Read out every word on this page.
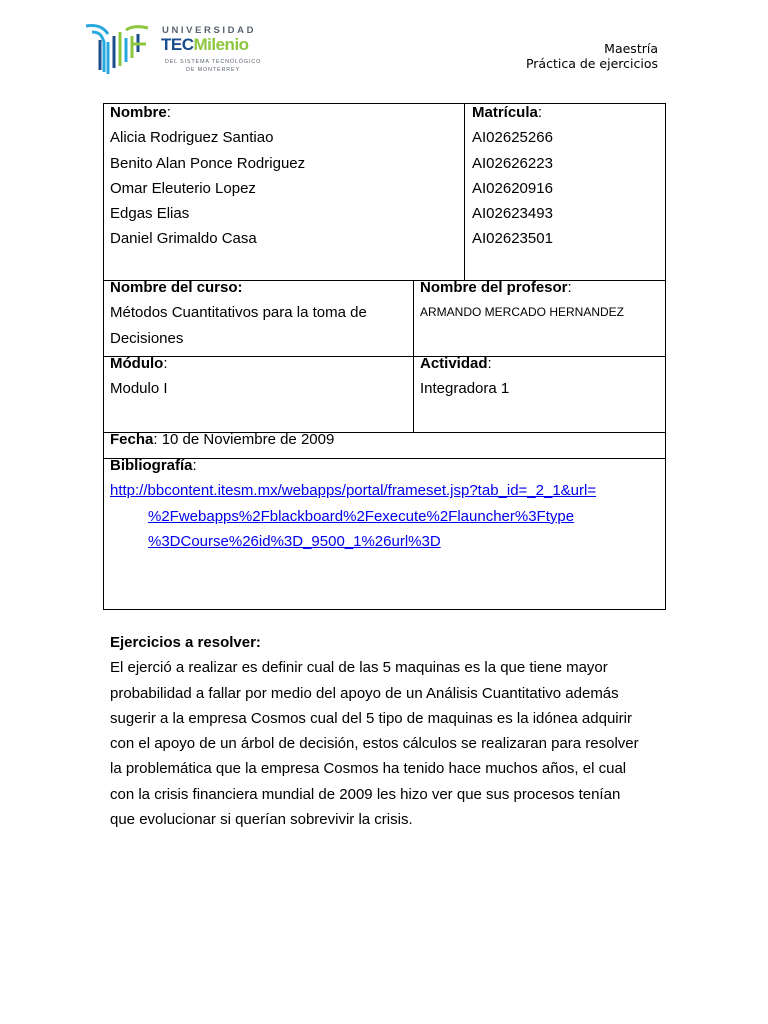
UNIVERSIDAD
TECMilenio
DEL SISTEMA TECNOLÓGICO
DE MONTERREY
Maestría
Práctica de ejercicios
Nombre:
Alicia Rodriguez Santiao
Benito Alan Ponce Rodriguez
Omar Eleuterio Lopez
Edgas Elias
Daniel Grimaldo Casa
Matrícula:
AI02625266
AI02626223
AI02620916
AI02623493
AI02623501
Nombre del curso:
Métodos Cuantitativos para la toma de
Decisiones
Nombre del profesor:
ARMANDO MERCADO HERNANDEZ
Módulo:
Modulo I
Actividad:
Integradora 1
Fecha: 10 de Noviembre de 2009
Bibliografía:
http://bbcontent.itesm.mx/webapps/portal/frameset.jsp?tab_id=_2_1&url=
%2Fwebapps%2Fblackboard%2Fexecute%2Flauncher%3Ftype
%3DCourse%26id%3D_9500_1%26url%3D
Ejercicios a resolver:
El ejerció a realizar es definir cual de las 5 maquinas es la que tiene mayor
probabilidad a fallar por medio del apoyo de un Análisis Cuantitativo además
sugerir a la empresa Cosmos cual del 5 tipo de maquinas es la idónea adquirir
con el apoyo de un árbol de decisión, estos cálculos se realizaran para resolver
la problemática que la empresa Cosmos ha tenido hace muchos años, el cual
con la crisis financiera mundial de 2009 les hizo ver que sus procesos tenían
que evolucionar si querían sobrevivir la crisis.
